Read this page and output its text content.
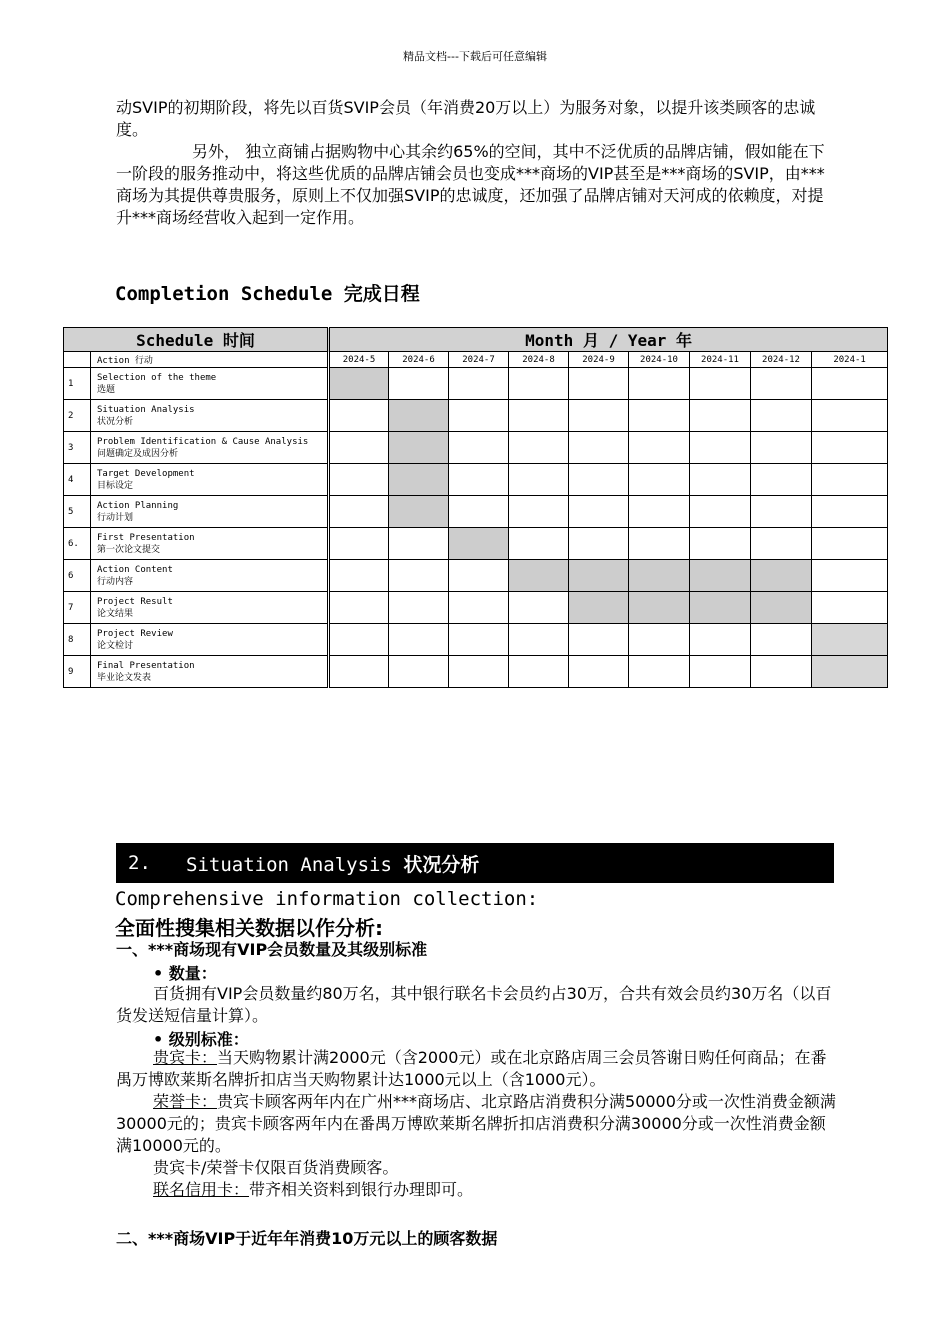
精品文档---下载后可任意编辑

动SVIP的初期阶段，将先以百货SVIP会员（年消费20万以上）为服务对象，以提升该类顾客的忠诚度。

另外， 独立商铺占据购物中心其余约65%的空间，其中不泛优质的品牌店铺，假如能在下一阶段的服务推动中，将这些优质的品牌店铺会员也变成***商场的VIP甚至是***商场的SVIP，由***商场为其提供尊贵服务，原则上不仅加强SVIP的忠诚度，还加强了品牌店铺对天河成的依赖度，对提升***商场经营收入起到一定作用。

Completion Schedule 完成日程
Schedule 时间		Month 月 / Year 年								
	Action 行动	2024-5	2024-6	2024-7	2024-8	2024-9	2024-10	2024-11	2024-12	2024-1
1	Selection of the theme
选题									

2	Situation Analysis
状况分析									

3	Problem Identification & Cause Analysis
问题确定及成因分析									

4	Target Development
目标设定									

5	Action Planning
行动计划									

6.	First Presentation
第一次论文提交									

6	Action Content
行动内容									

7	Project Result
论文结果									

8	Project Review
论文检讨									

9	Final Presentation
毕业论文发表									

2.	Situation Analysis 状况分析

Comprehensive information collection:

全面性搜集相关数据以作分析:

一、***商场现有VIP会员数量及其级别标准

• 数量：

百货拥有VIP会员数量约80万名，其中银行联名卡会员约占30万，合共有效会员约30万名（以百货发送短信量计算）。

• 级别标准：

贵宾卡：当天购物累计满2000元（含2000元）或在北京路店周三会员答谢日购任何商品；在番禺万博欧莱斯名牌折扣店当天购物累计达1000元以上（含1000元）。

荣誉卡：贵宾卡顾客两年内在广州***商场店、北京路店消费积分满50000分或一次性消费金额满30000元的；贵宾卡顾客两年内在番禺万博欧莱斯名牌折扣店消费积分满30000分或一次性消费金额满10000元的。

贵宾卡/荣誉卡仅限百货消费顾客。

联名信用卡：带齐相关资料到银行办理即可。

二、***商场VIP于近年年消费10万元以上的顾客数据
